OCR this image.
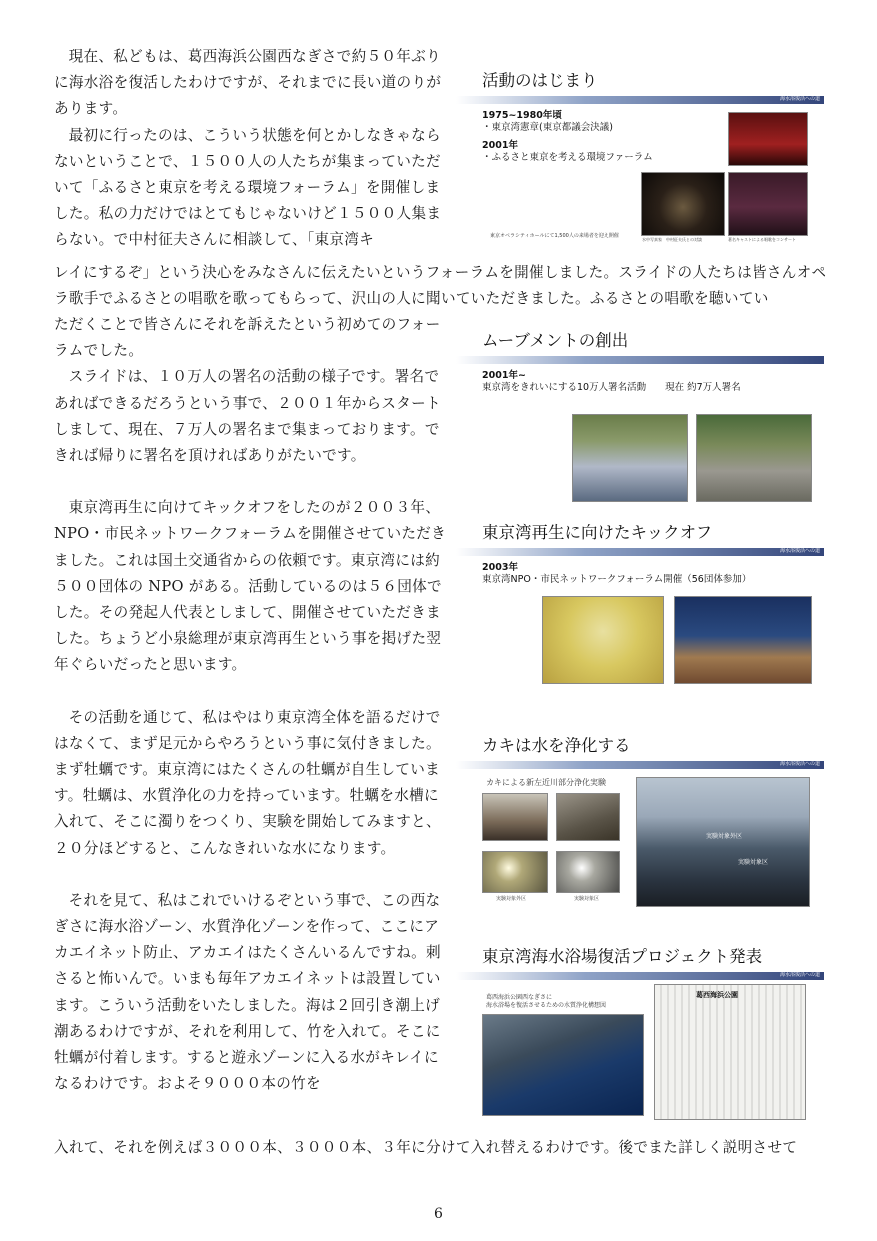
現在、私どもは、葛西海浜公園西なぎさで約５０年ぶりに海水浴を復活したわけですが、それまでに長い道のりがあります。

最初に行ったのは、こういう状態を何とかしなきゃならないということで、１５００人の人たちが集まっていただいて「ふるさと東京を考える環境フォーラム」を開催しました。私の力だけではとてもじゃないけど１５００人集まらない。で中村征夫さんに相談して、「東京湾キ

レイにするぞ」という決心をみなさんに伝えたいというフォーラムを開催しました。スライドの人たちは皆さんオペラ歌手でふるさとの唱歌を歌ってもらって、沢山の人に聞いていただきました。ふるさとの唱歌を聴いてい

ただくことで皆さんにそれを訴えたという初めてのフォーラムでした。

スライドは、１０万人の署名の活動の様子です。署名であればできるだろうという事で、２００１年からスタートしまして、現在、７万人の署名まで集まっております。できれば帰りに署名を頂ければありがたいです。

東京湾再生に向けてキックオフをしたのが２００３年、NPO・市民ネットワークフォーラムを開催させていただきました。これは国土交通省からの依頼です。東京湾には約５００団体の NPO がある。活動しているのは５６団体でした。その発起人代表としまして、開催させていただきました。ちょうど小泉総理が東京湾再生という事を掲げた翌年ぐらいだったと思います。

その活動を通じて、私はやはり東京湾全体を語るだけではなくて、まず足元からやろうという事に気付きました。まず牡蠣です。東京湾にはたくさんの牡蠣が自生しています。牡蠣は、水質浄化の力を持っています。牡蠣を水槽に入れて、そこに濁りをつくり、実験を開始してみますと、２０分ほどすると、こんなきれいな水になります。

それを見て、私はこれでいけるぞという事で、この西なぎさに海水浴ゾーン、水質浄化ゾーンを作って、ここにアカエイネット防止、アカエイはたくさんいるんですね。刺さると怖いんで。いまも毎年アカエイネットは設置しています。こういう活動をいたしました。海は２回引き潮上げ潮あるわけですが、それを利用して、竹を入れて。そこに牡蠣が付着します。すると遊永ゾーンに入る水がキレイになるわけです。およそ９０００本の竹を

入れて、それを例えば３０００本、３０００本、３年に分けて入れ替えるわけです。後でまた詳しく説明させて

活動のはじまり
海水浴復活への道
1975~1980年頃
・東京湾憲章(東京都議会決議)
2001年
・ふるさと東京を考える環境ファーラム
東京オペラシティホールにて1,500人の来場者を迎え開催
水中写真家　中村征夫氏との対談	著名キャストによる唱歌をコンサート
ムーブメントの創出
2001年~
東京湾をきれいにする10万人署名活動　　現在 約7万人署名
東京湾再生に向けたキックオフ
海水浴復活への道
2003年
東京湾NPO・市民ネットワークフォーラム開催（56団体参加）
カキは水を浄化する
海水浴復活への道
カキによる新左近川部分浄化実験
実験対象外区	実験対象区
実験対象外区
実験対象区
東京湾海水浴場復活プロジェクト発表
海水浴復活への道
葛西海浜公園西なぎさに
海水浴場を復活させるための水質浄化構想図
葛西海浜公園
6
